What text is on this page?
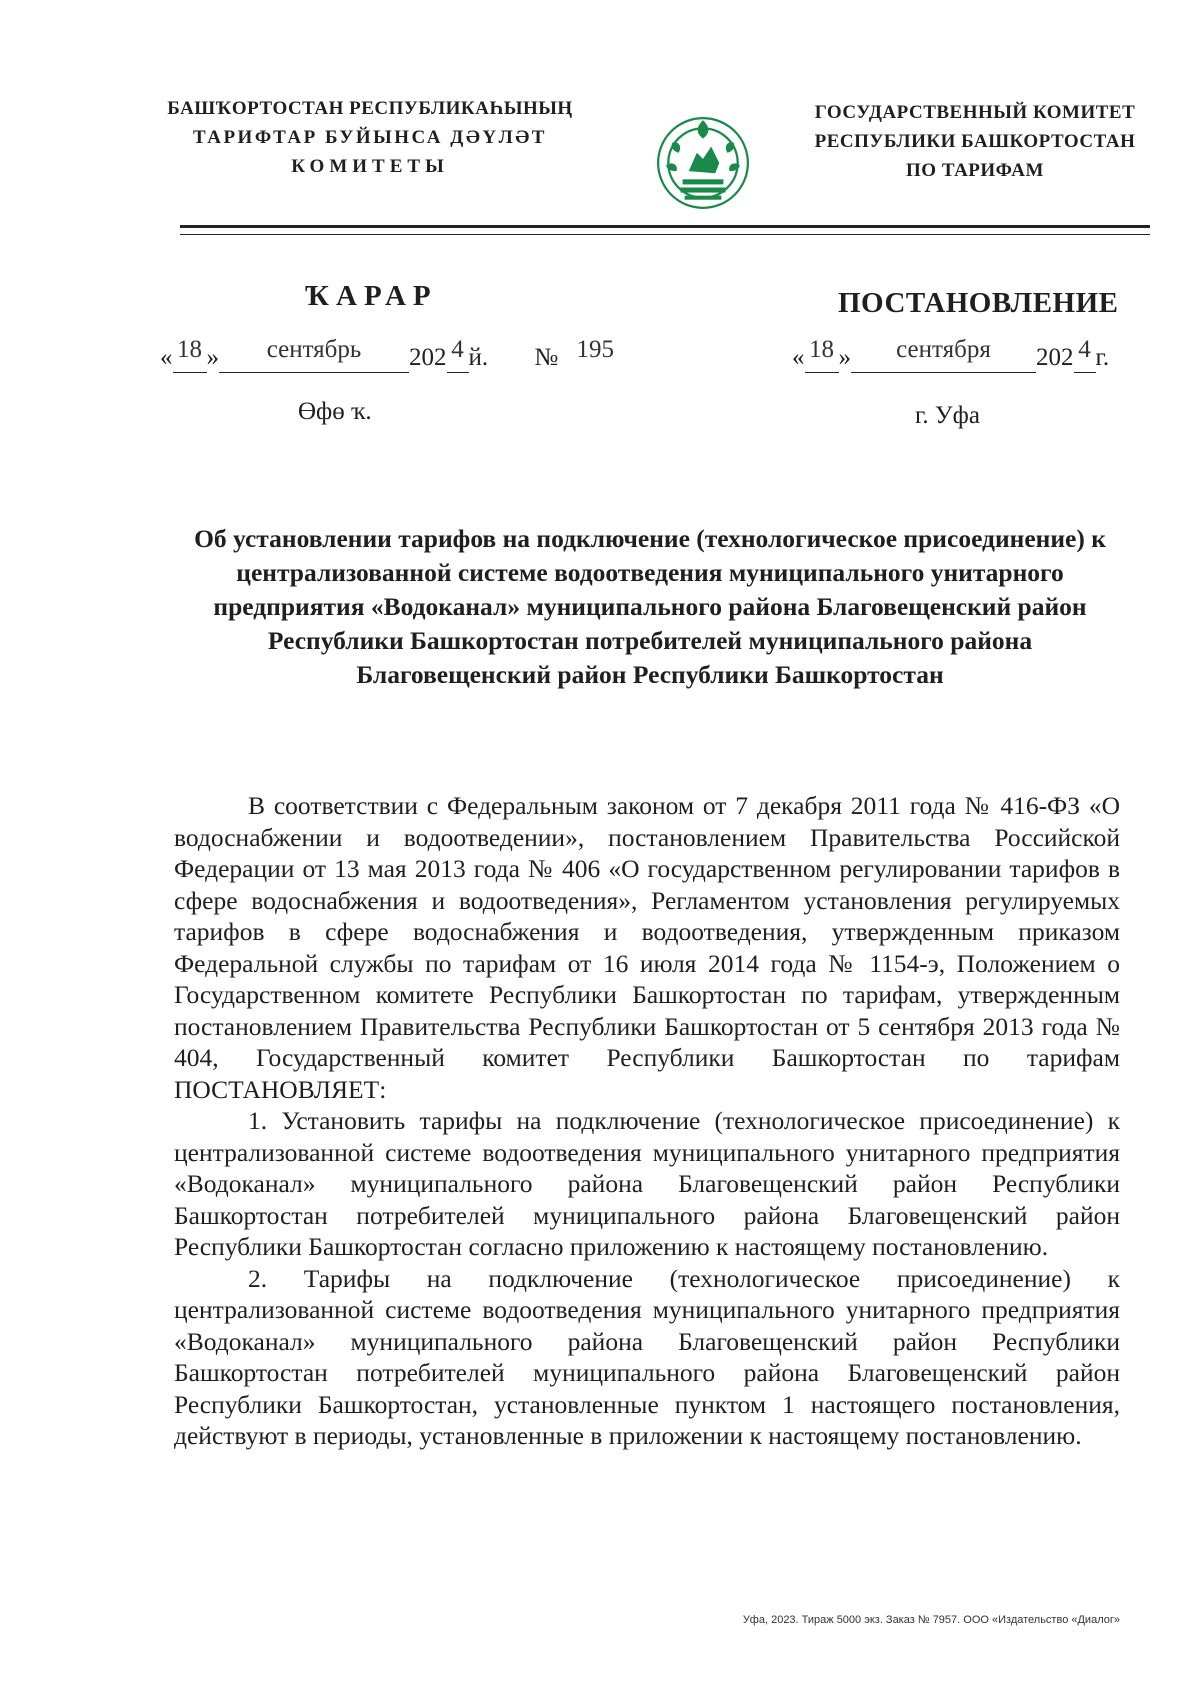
БАШҠОРТОСТАН РЕСПУБЛИКАҺЫНЫҢ
ТАРИФТАР БУЙЫНСА ДӘҮЛӘТ
КОМИТЕТЫ
ГОСУДАРСТВЕННЫЙ КОМИТЕТ
РЕСПУБЛИКИ БАШКОРТОСТАН
ПО ТАРИФАМ
ҠАРАР	ПОСТАНОВЛЕНИЕ
« 18 » сентябрь 202 4 й. № 195	« 18 » сентября 202 4 г.
Өфө ҡ.	г. Уфа
Об установлении тарифов на подключение (технологическое присоединение) к централизованной системе водоотведения муниципального унитарного предприятия «Водоканал» муниципального района Благовещенский район Республики Башкортостан потребителей муниципального района Благовещенский район Республики Башкортостан

В соответствии с Федеральным законом от 7 декабря 2011 года № 416-ФЗ «О водоснабжении и водоотведении», постановлением Правительства Российской Федерации от 13 мая 2013 года № 406 «О государственном регулировании тарифов в сфере водоснабжения и водоотведения», Регламентом установления регулируемых тарифов в сфере водоснабжения и водоотведения, утвержденным приказом Федеральной службы по тарифам от 16 июля 2014 года № 1154-э, Положением о Государственном комитете Республики Башкортостан по тарифам, утвержденным постановлением Правительства Республики Башкортостан от 5 сентября 2013 года № 404, Государственный комитет Республики Башкортостан по тарифам ПОСТАНОВЛЯЕТ:

1. Установить тарифы на подключение (технологическое присоединение) к централизованной системе водоотведения муниципального унитарного предприятия «Водоканал» муниципального района Благовещенский район Республики Башкортостан потребителей муниципального района Благовещенский район Республики Башкортостан согласно приложению к настоящему постановлению.

2. Тарифы на подключение (технологическое присоединение) к централизованной системе водоотведения муниципального унитарного предприятия «Водоканал» муниципального района Благовещенский район Республики Башкортостан потребителей муниципального района Благовещенский район Республики Башкортостан, установленные пунктом 1 настоящего постановления, действуют в периоды, установленные в приложении к настоящему постановлению.

Уфа, 2023. Тираж 5000 экз. Заказ № 7957. ООО «Издательство «Диалог»
